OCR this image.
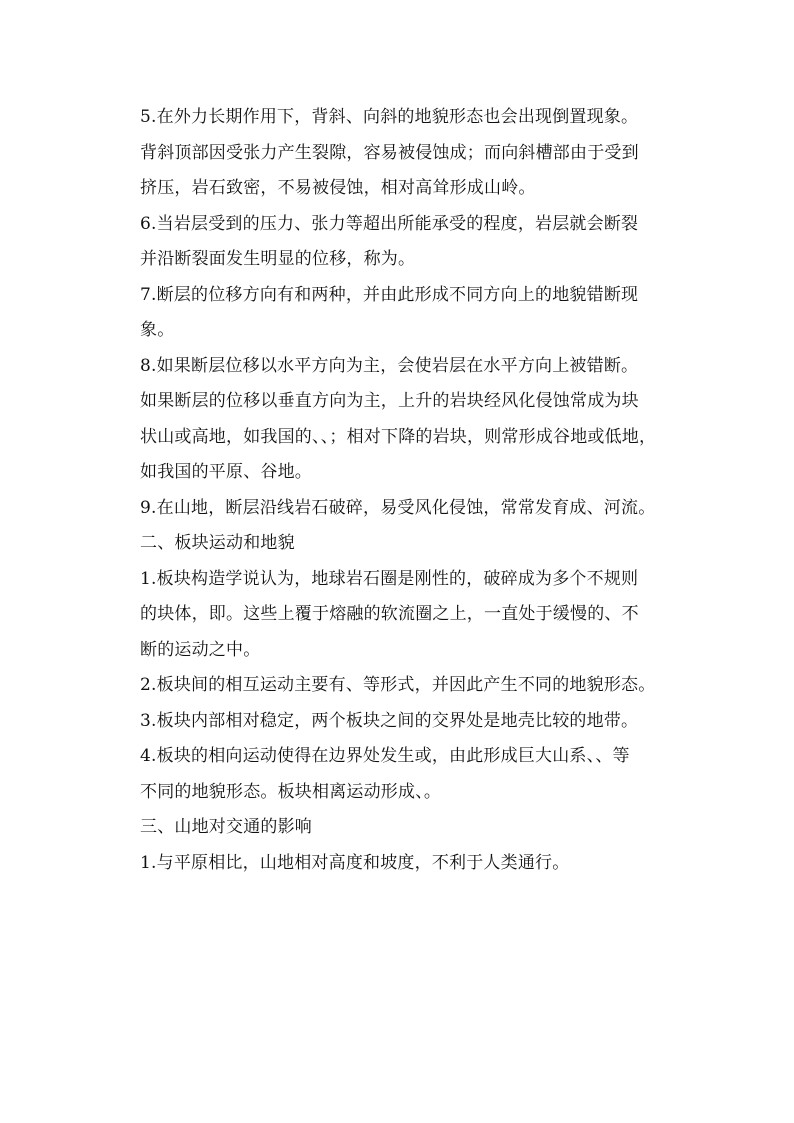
5.在外力长期作用下，背斜、向斜的地貌形态也会出现倒置现象。
背斜顶部因受张力产生裂隙，容易被侵蚀成；而向斜槽部由于受到
挤压，岩石致密，不易被侵蚀，相对高耸形成山岭。
6.当岩层受到的压力、张力等超出所能承受的程度，岩层就会断裂
并沿断裂面发生明显的位移，称为。
7.断层的位移方向有和两种，并由此形成不同方向上的地貌错断现
象。
8.如果断层位移以水平方向为主，会使岩层在水平方向上被错断。
如果断层的位移以垂直方向为主，上升的岩块经风化侵蚀常成为块
状山或高地，如我国的、、；相对下降的岩块，则常形成谷地或低地，
如我国的平原、谷地。
9.在山地，断层沿线岩石破碎，易受风化侵蚀，常常发育成、河流。
二、板块运动和地貌
1.板块构造学说认为，地球岩石圈是刚性的，破碎成为多个不规则
的块体，即。这些上覆于熔融的软流圈之上，一直处于缓慢的、不
断的运动之中。
2.板块间的相互运动主要有、等形式，并因此产生不同的地貌形态。
3.板块内部相对稳定，两个板块之间的交界处是地壳比较的地带。
4.板块的相向运动使得在边界处发生或，由此形成巨大山系、、等
不同的地貌形态。板块相离运动形成、。
三、山地对交通的影响
1.与平原相比，山地相对高度和坡度，不利于人类通行。
